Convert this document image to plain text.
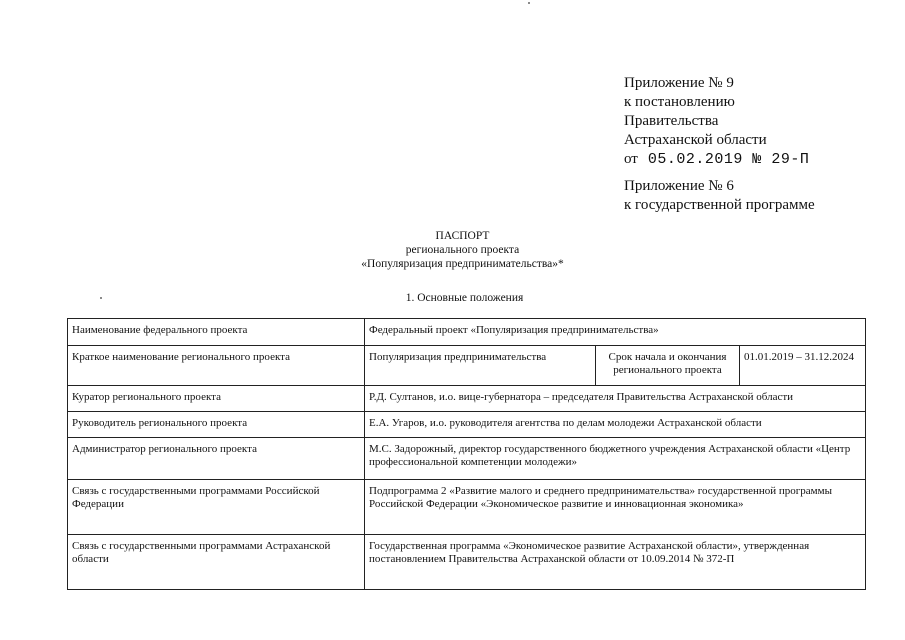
Приложение № 9
к постановлению
Правительства
Астраханской области
от 05.02.2019 № 29-П
Приложение № 6
к государственной программе
ПАСПОРТ
регионального проекта
«Популяризация предпринимательства»*
1. Основные положения
Наименование федерального проекта	Федеральный проект «Популяризация предпринимательства»		
Краткое наименование регионального проекта	Популяризация предпринимательства	Срок начала и окончания регионального проекта	01.01.2019 – 31.12.2024
Куратор регионального проекта	Р.Д. Султанов, и.о. вице-губернатора – председателя Правительства Астраханской области		
Руководитель регионального проекта	Е.А. Угаров, и.о. руководителя агентства по делам молодежи Астраханской области		
Администратор регионального проекта	М.С. Задорожный, директор государственного бюджетного учреждения Астраханской области «Центр профессиональной компетенции молодежи»		
Связь с государственными программами Российской Федерации	Подпрограмма 2 «Развитие малого и среднего предпринимательства» государственной программы Российской Федерации «Экономическое развитие и инновационная экономика»		
Связь с государственными программами Астраханской области	Государственная программа «Экономическое развитие Астраханской области», утвержденная постановлением Правительства Астраханской области от 10.09.2014 № 372-П		
